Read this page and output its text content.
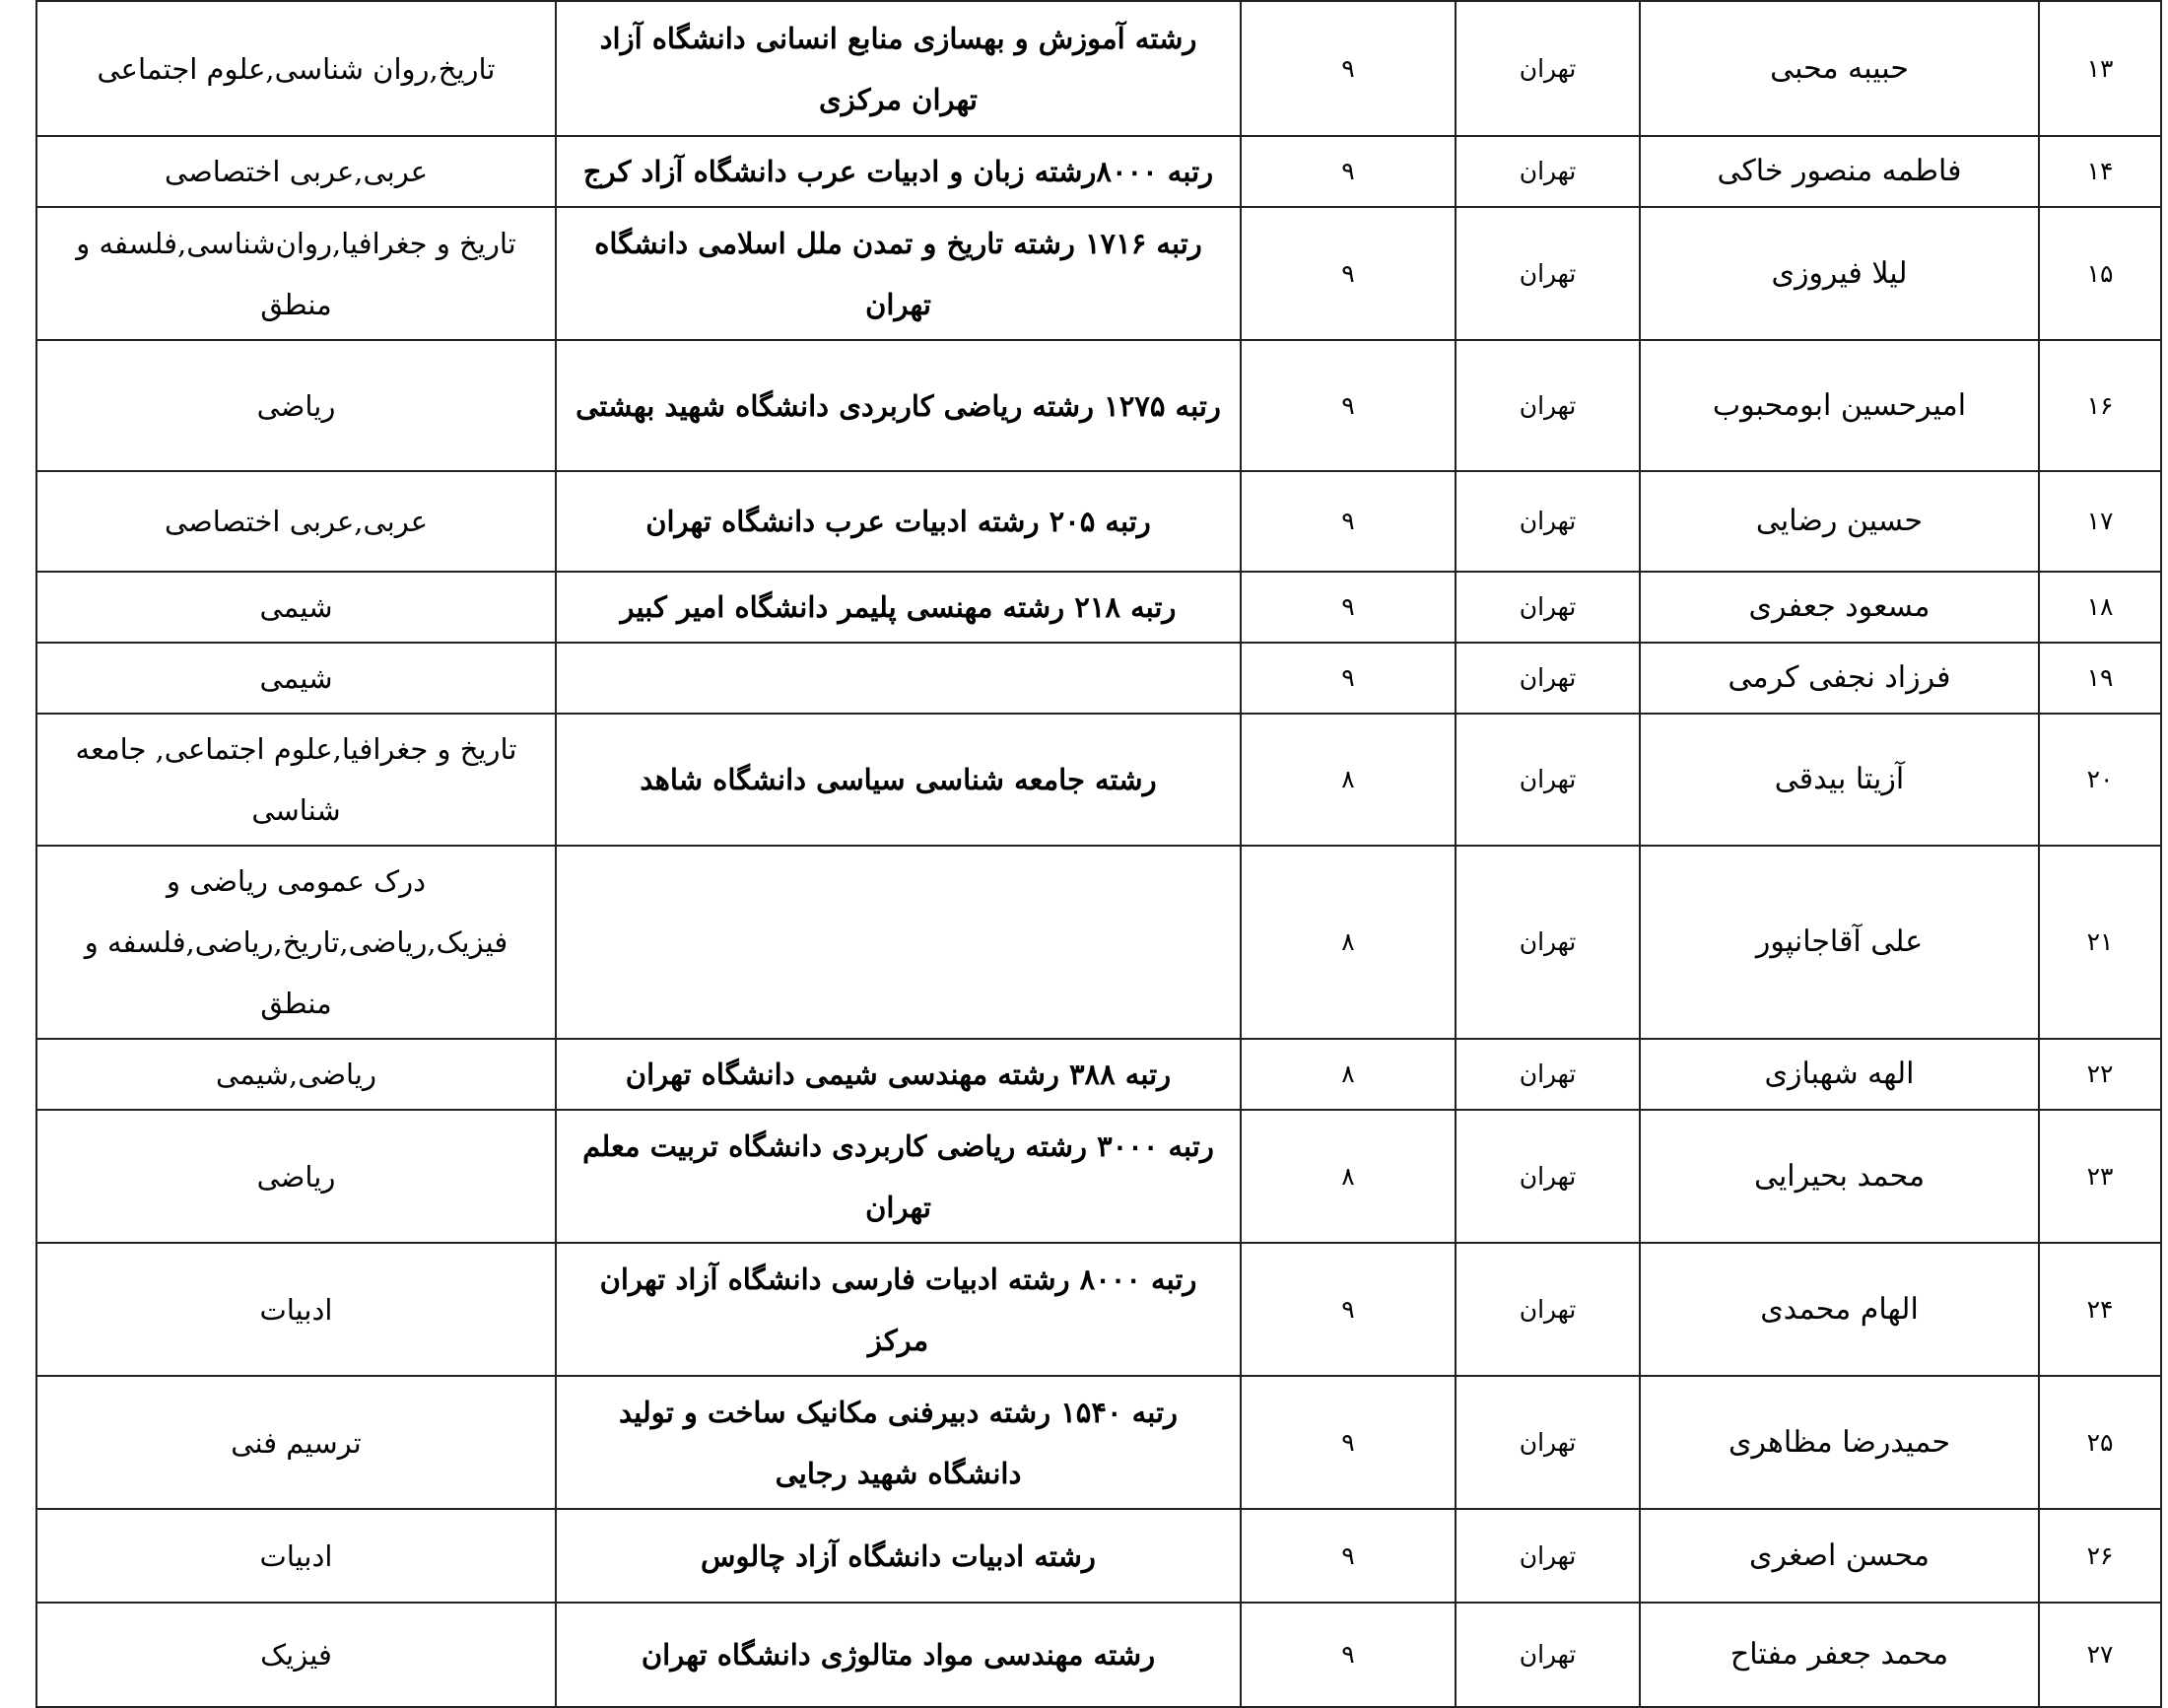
۱۳	حبیبه محبی	تهران	۹	رشته آموزش و بهسازی منابع انسانی دانشگاه آزاد تهران مرکزی	تاریخ,روان شناسی,علوم اجتماعی
۱۴	فاطمه منصور خاکی	تهران	۹	رتبه ۸۰۰۰رشته زبان و ادبیات عرب دانشگاه آزاد کرج	عربی,عربی اختصاصی
۱۵	لیلا فیروزی	تهران	۹	رتبه ۱۷۱۶ رشته تاریخ و تمدن ملل اسلامی دانشگاه تهران	تاریخ و جغرافیا,روان‌شناسی,فلسفه و منطق
۱۶	امیرحسین ابومحبوب	تهران	۹	رتبه ۱۲۷۵ رشته ریاضی کاربردی دانشگاه شهید بهشتی	ریاضی
۱۷	حسین رضایی	تهران	۹	رتبه ۲۰۵ رشته ادبیات عرب دانشگاه تهران	عربی,عربی اختصاصی
۱۸	مسعود جعفری	تهران	۹	رتبه ۲۱۸ رشته مهنسی پلیمر دانشگاه امیر کبیر	شیمی
۱۹	فرزاد نجفی کرمی	تهران	۹		شیمی
۲۰	آزیتا بیدقی	تهران	۸	رشته جامعه شناسی سیاسی دانشگاه شاهد	تاریخ و جغرافیا,علوم اجتماعی, جامعه شناسی
۲۱	علی آقاجانپور	تهران	۸		درک عمومی ریاضی و فیزیک,ریاضی,تاریخ,ریاضی,فلسفه و منطق
۲۲	الهه شهبازی	تهران	۸	رتبه ۳۸۸ رشته مهندسی شیمی دانشگاه تهران	ریاضی,شیمی
۲۳	محمد بحیرایی	تهران	۸	رتبه ۳۰۰۰ رشته ریاضی کاربردی دانشگاه تربیت معلم تهران	ریاضی
۲۴	الهام محمدی	تهران	۹	رتبه ۸۰۰۰ رشته ادبیات فارسی دانشگاه آزاد تهران مرکز	ادبیات
۲۵	حمیدرضا مظاهری	تهران	۹	رتبه ۱۵۴۰ رشته دبیرفنی مکانیک ساخت و تولید دانشگاه شهید رجایی	ترسیم فنی
۲۶	محسن اصغری	تهران	۹	رشته ادبیات دانشگاه آزاد چالوس	ادبیات
۲۷	محمد جعفر مفتاح	تهران	۹	رشته مهندسی مواد متالوژی دانشگاه تهران	فیزیک
